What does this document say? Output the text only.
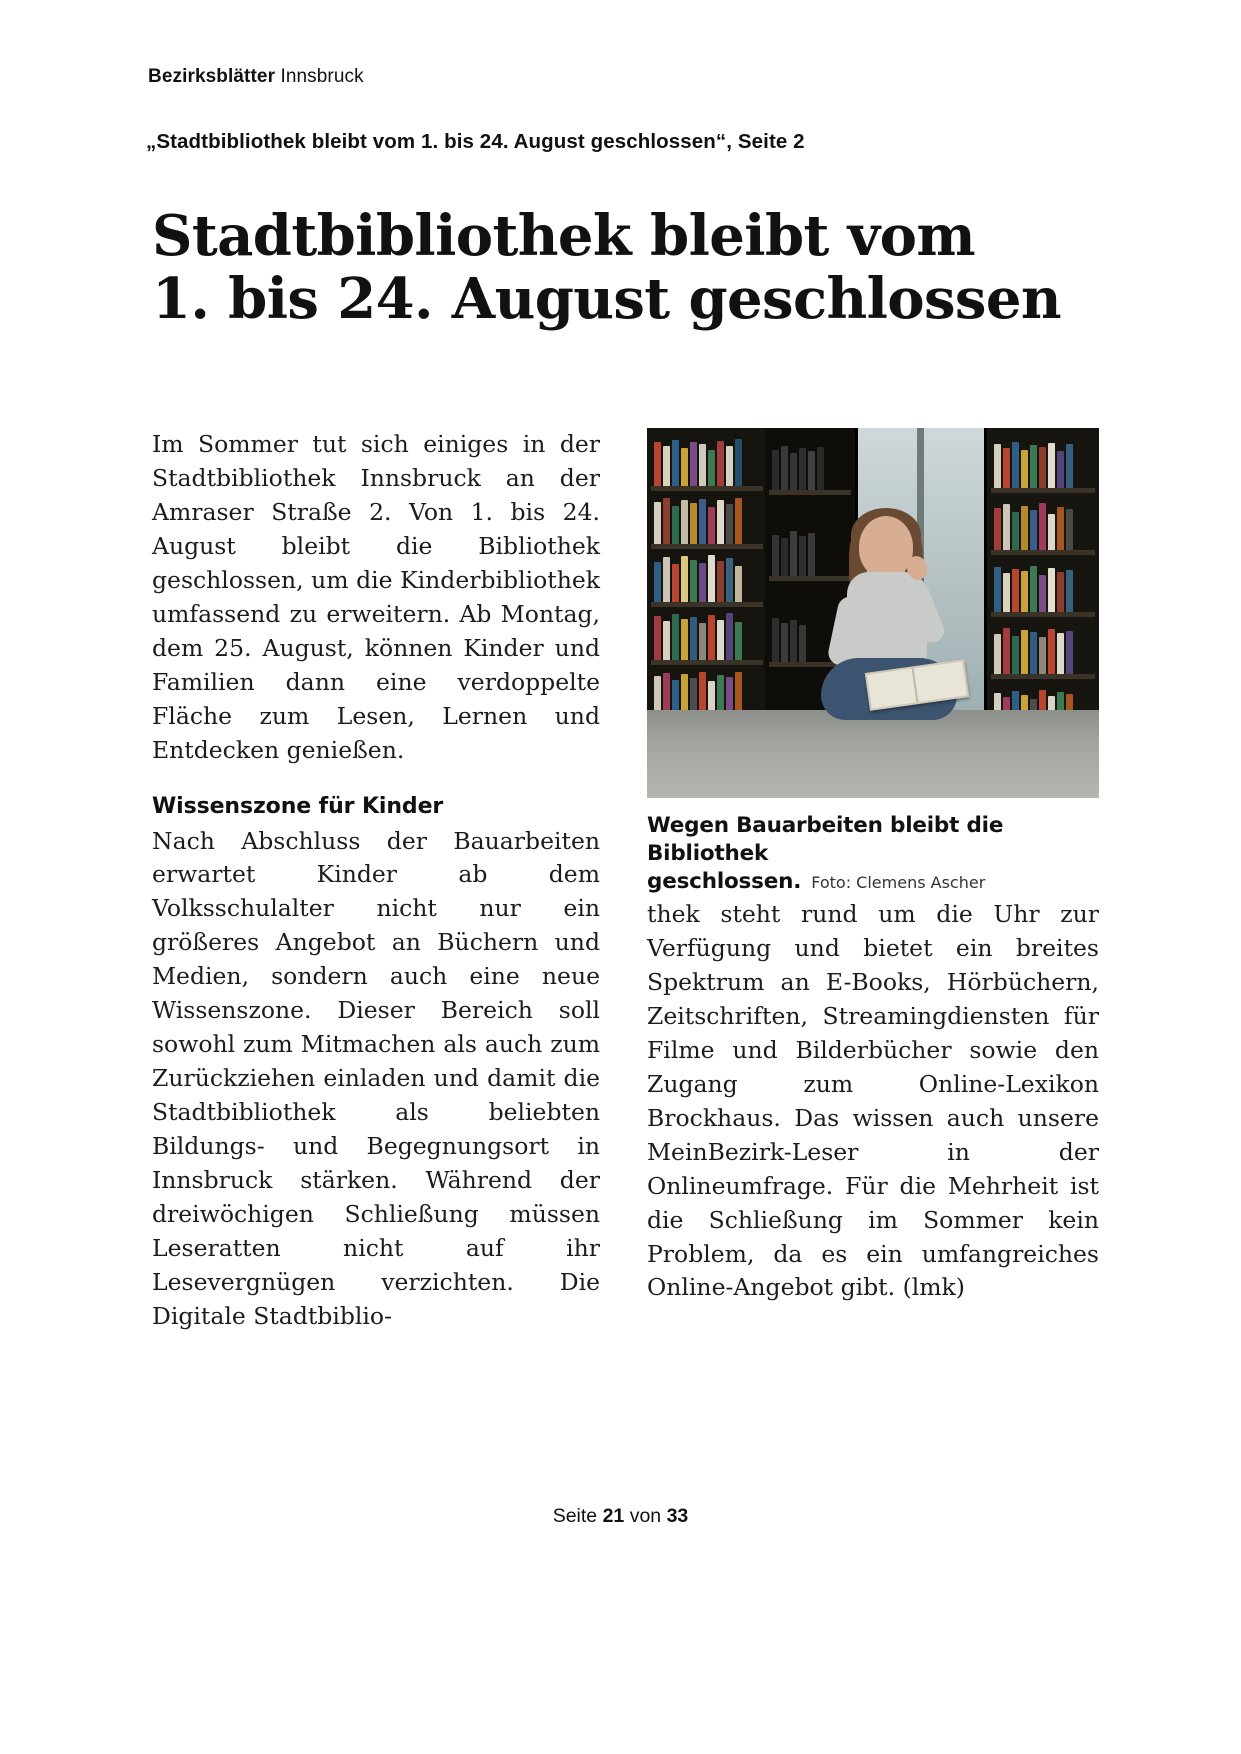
Bezirksblätter Innsbruck
„Stadtbibliothek bleibt vom 1. bis 24. August geschlossen“, Seite 2
Stadtbibliothek bleibt vom
1. bis 24. August geschlossen

Im Sommer tut sich einiges in der Stadtbibliothek Innsbruck an der Amraser Straße 2. Von 1. bis 24. August bleibt die Bibliothek geschlossen, um die Kinderbibliothek umfassend zu erweitern. Ab Montag, dem 25. August, können Kinder und Familien dann eine verdoppelte Fläche zum Lesen, Lernen und Entdecken genießen.

Wissenszone für Kinder

Nach Abschluss der Bauarbeiten erwartet Kinder ab dem Volksschulalter nicht nur ein größeres Angebot an Büchern und Medien, sondern auch eine neue Wissenszone. Dieser Bereich soll sowohl zum Mitmachen als auch zum Zurückziehen einladen und damit die Stadtbibliothek als beliebten Bildungs- und Begegnungsort in Innsbruck stärken. Während der dreiwöchigen Schließung müssen Leseratten nicht auf ihr Lesevergnügen verzichten. Die Digitale Stadtbiblio-

Wegen Bauarbeiten bleibt die Bibliothek geschlossen. Foto: Clemens Ascher

thek steht rund um die Uhr zur Verfügung und bietet ein breites Spektrum an E-Books, Hörbüchern, Zeitschriften, Streamingdiensten für Filme und Bilderbücher sowie den Zugang zum Online-Lexikon Brockhaus. Das wissen auch unsere MeinBezirk-Leser in der Onlineumfrage. Für die Mehrheit ist die Schließung im Sommer kein Problem, da es ein umfangreiches Online-Angebot gibt. (lmk)

Seite 21 von 33
